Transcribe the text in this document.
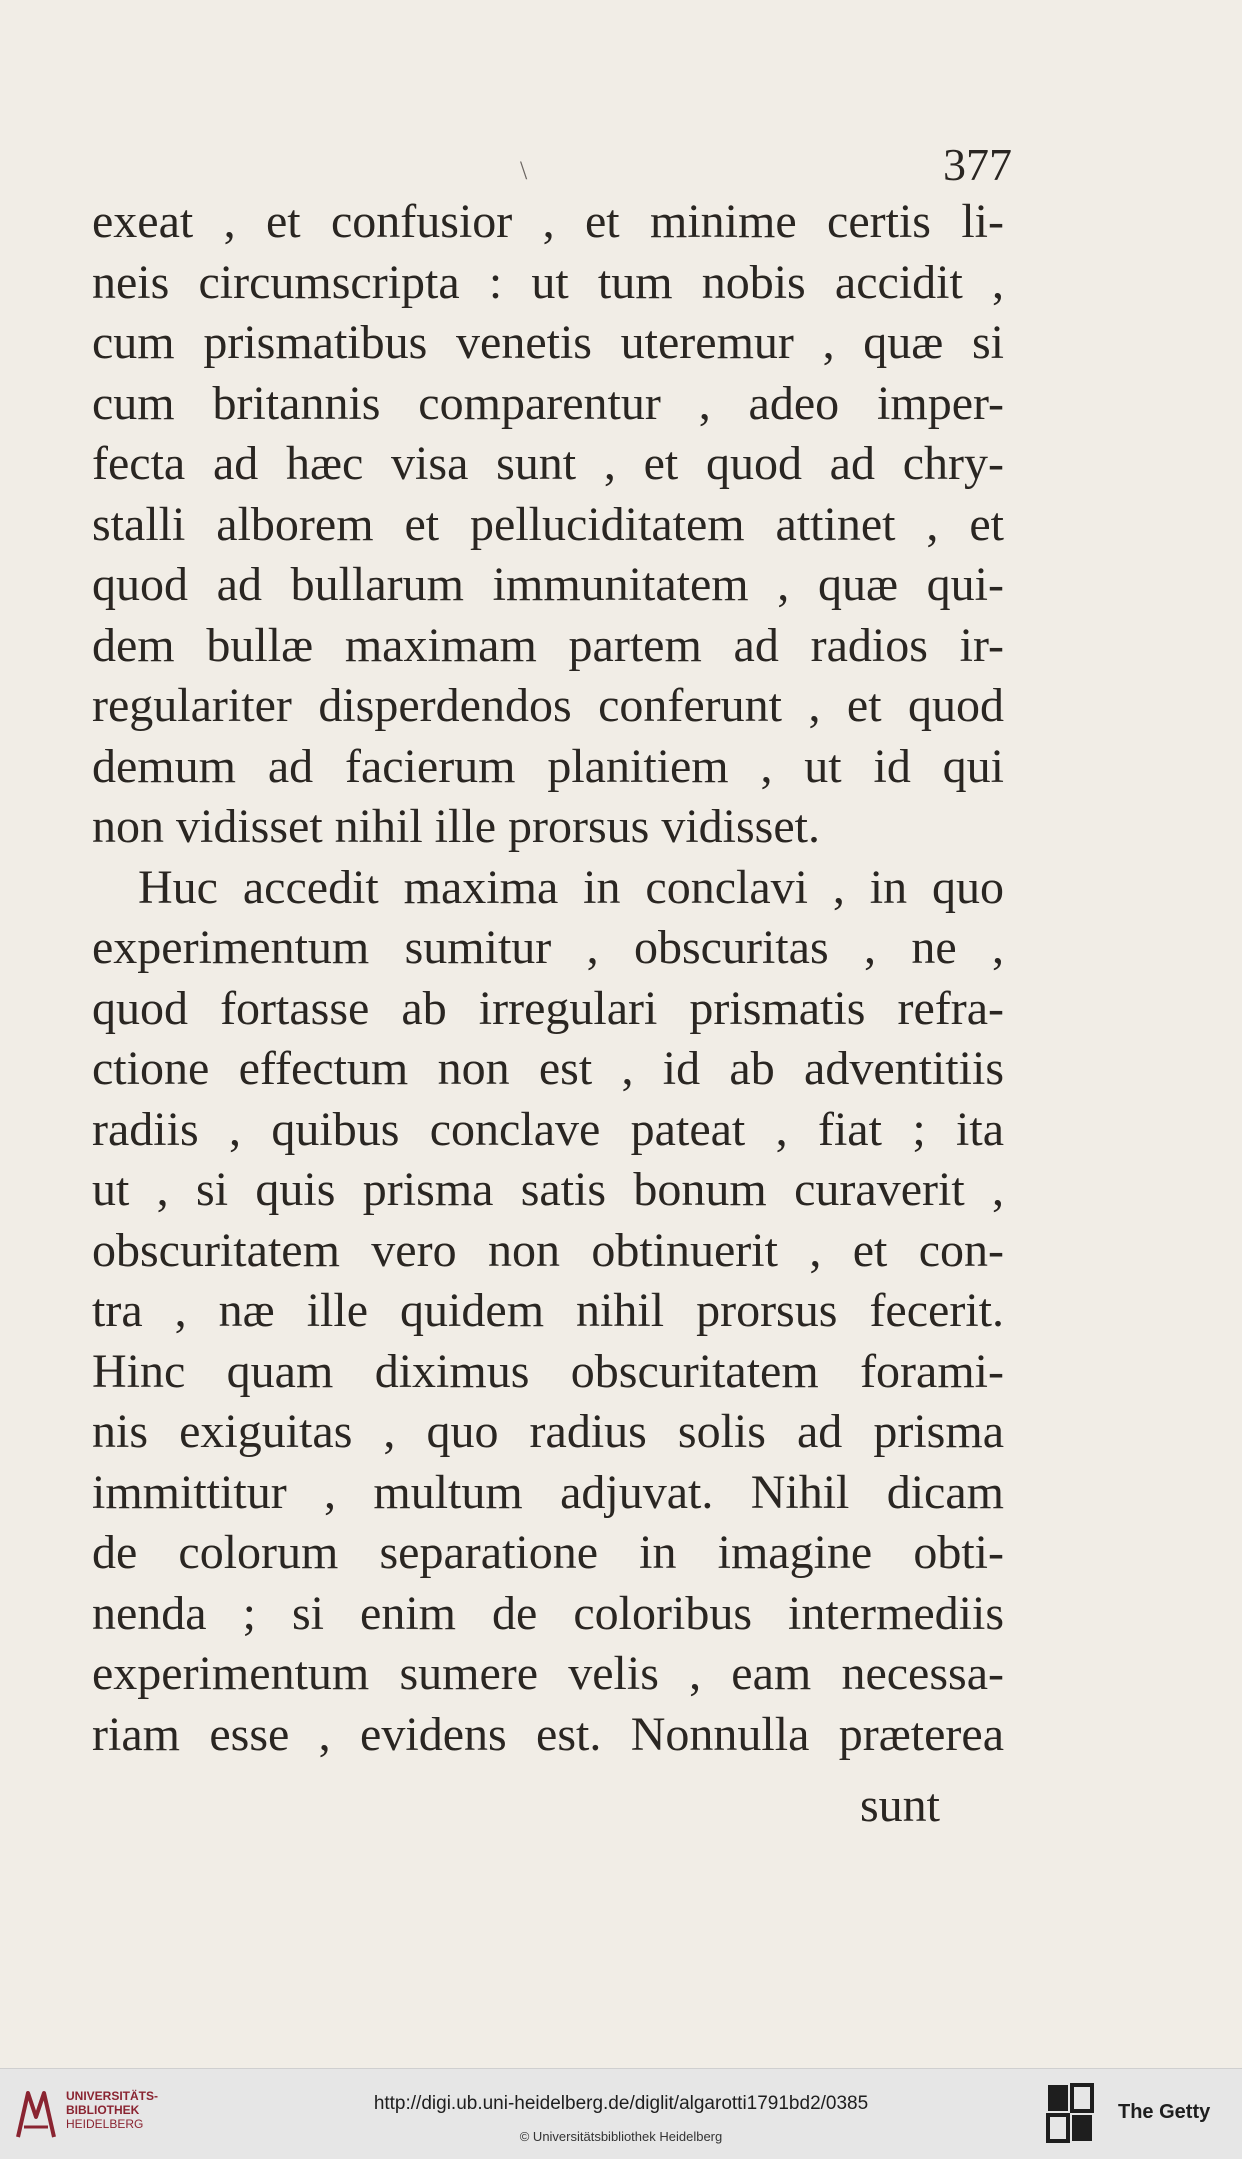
377
\
exeat , et confusior , et minime certis li-
neis circumscripta : ut tum nobis accidit ,
cum prismatibus venetis uteremur , quæ si
cum britannis comparentur , adeo imper-
fecta ad hæc visa sunt , et quod ad chry-
stalli alborem et pelluciditatem attinet , et
quod ad bullarum immunitatem , quæ qui-
dem bullæ maximam partem ad radios ir-
regulariter disperdendos conferunt , et quod
demum ad facierum planitiem , ut id qui
non vidisset nihil ille prorsus vidisset.
Huc accedit maxima in conclavi , in quo
experimentum sumitur , obscuritas , ne ,
quod fortasse ab irregulari prismatis refra-
ctione effectum non est , id ab adventitiis
radiis , quibus conclave pateat , fiat ; ita
ut , si quis prisma satis bonum curaverit ,
obscuritatem vero non obtinuerit , et con-
tra , næ ille quidem nihil prorsus fecerit.
Hinc quam diximus obscuritatem forami-
nis exiguitas , quo radius solis ad prisma
immittitur , multum adjuvat. Nihil dicam
de colorum separatione in imagine obti-
nenda ; si enim de coloribus intermediis
experimentum sumere velis , eam necessa-
riam esse , evidens est. Nonnulla præterea
sunt
UNIVERSITÄTS-
BIBLIOTHEK
HEIDELBERG
http://digi.ub.uni-heidelberg.de/diglit/algarotti1791bd2/0385
© Universitätsbibliothek Heidelberg
The Getty
